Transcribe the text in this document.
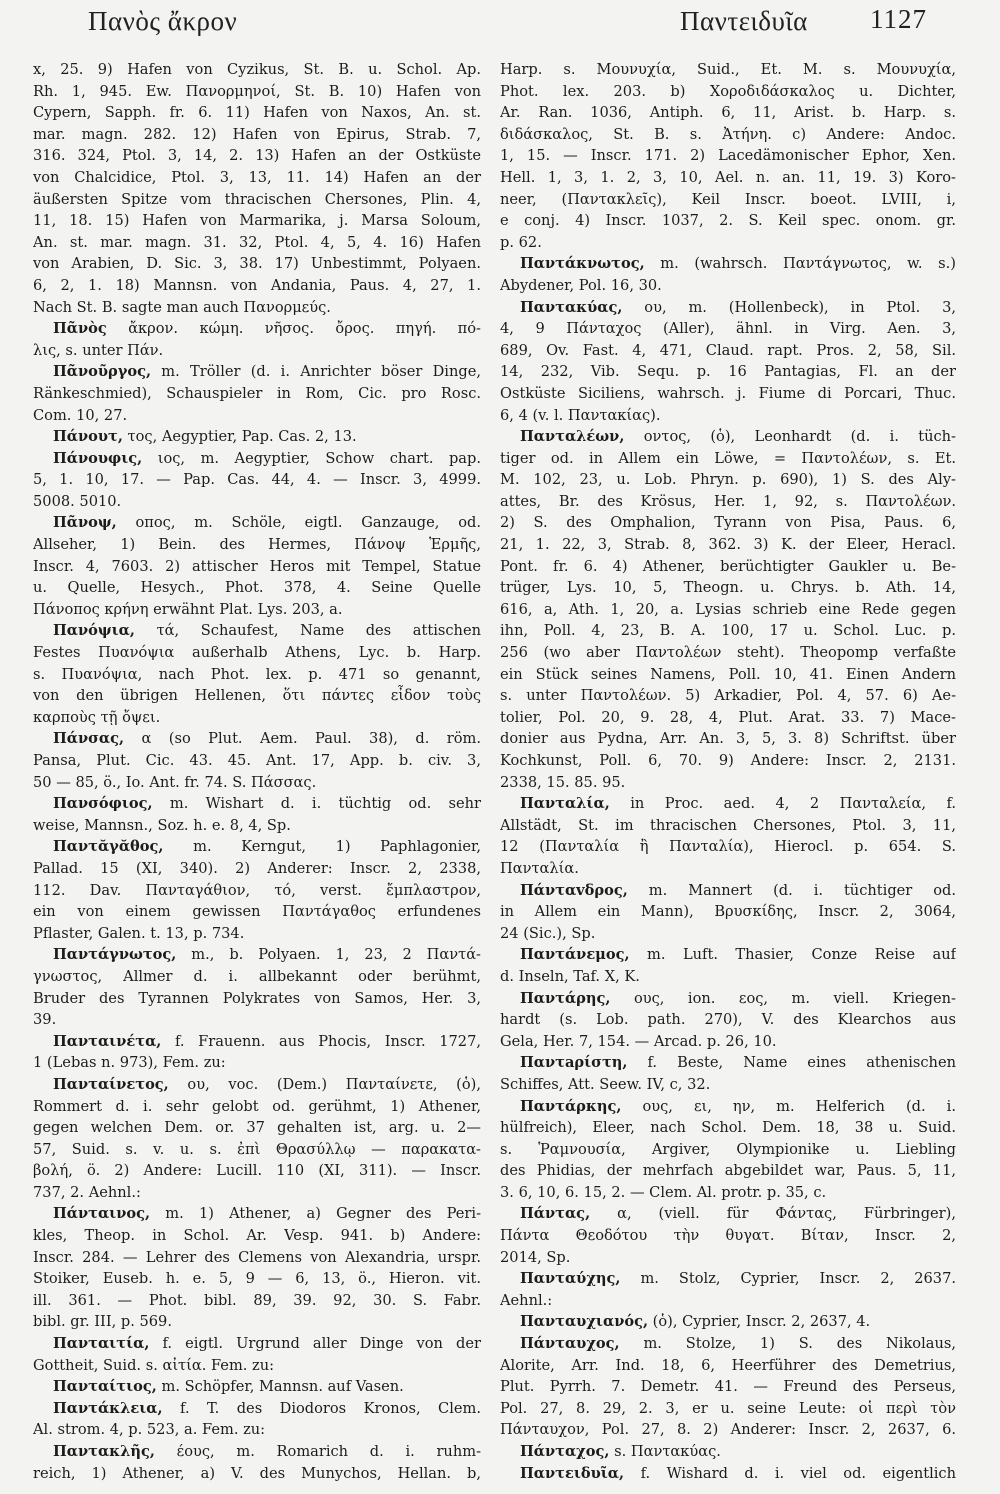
Πανὸς ἄκρον	Παντειδυῖα 1127
x, 25. 9) Hafen von Cyzikus, St. B. u. Schol. Ap.
Rh. 1, 945. Ew. Πανορμηνοί, St. B. 10) Hafen von
Cypern, Sapph. fr. 6. 11) Hafen von Naxos, An. st.
mar. magn. 282. 12) Hafen von Epirus, Strab. 7,
316. 324, Ptol. 3, 14, 2. 13) Hafen an der Ostküste
von Chalcidice, Ptol. 3, 13, 11. 14) Hafen an der
äußersten Spitze vom thracischen Chersones, Plin. 4,
11, 18. 15) Hafen von Marmarika, j. Marsa Soloum,
An. st. mar. magn. 31. 32, Ptol. 4, 5, 4. 16) Hafen
von Arabien, D. Sic. 3, 38. 17) Unbestimmt, Polyaen.
6, 2, 1. 18) Mannsn. von Andania, Paus. 4, 27, 1.
Nach St. B. sagte man auch Πανορμεύς.
Πᾶνὸς ἄκρον. κώμη. νῆσος. ὄρος. πηγή. πό-
λις, s. unter Πάν.
Πᾶνοῦργος, m. Tröller (d. i. Anrichter böser Dinge,
Ränkeschmied), Schauspieler in Rom, Cic. pro Rosc.
Com. 10, 27.
Πάνουτ, τος, Aegyptier, Pap. Cas. 2, 13.
Πάνουφις, ιος, m. Aegyptier, Schow chart. pap.
5, 1. 10, 17. — Pap. Cas. 44, 4. — Inscr. 3, 4999.
5008. 5010.
Πᾶνοψ, οπος, m. Schöle, eigtl. Ganzauge, od.
Allseher, 1) Bein. des Hermes, Πάνοψ Ἑρμῆς,
Inscr. 4, 7603. 2) attischer Heros mit Tempel, Statue
u. Quelle, Hesych., Phot. 378, 4. Seine Quelle
Πάνοπος κρήνη erwähnt Plat. Lys. 203, a.
Πανόψια, τά, Schaufest, Name des attischen
Festes Πυανόψια außerhalb Athens, Lyc. b. Harp.
s. Πυανόψια, nach Phot. lex. p. 471 so genannt,
von den übrigen Hellenen, ὅτι πάντες εἶδον τοὺς
καρποὺς τῇ ὄψει.
Πάνσας, α (so Plut. Aem. Paul. 38), d. röm.
Pansa, Plut. Cic. 43. 45. Ant. 17, App. b. civ. 3,
50 — 85, ö., Io. Ant. fr. 74. S. Πάσσας.
Πανσόφιος, m. Wishart d. i. tüchtig od. sehr
weise, Mannsn., Soz. h. e. 8, 4, Sp.
Παντᾰγᾰθος, m. Kerngut, 1) Paphlagonier,
Pallad. 15 (XI, 340). 2) Anderer: Inscr. 2, 2338,
112. Dav. Πανταγάθιον, τό, verst. ἔμπλαστρον,
ein von einem gewissen Παντάγαθος erfundenes
Pflaster, Galen. t. 13, p. 734.
Παντάγνωτος, m., b. Polyaen. 1, 23, 2 Παντά-
γνωστος, Allmer d. i. allbekannt oder berühmt,
Bruder des Tyrannen Polykrates von Samos, Her. 3,
39.
Πανταινέτα, f. Frauenn. aus Phocis, Inscr. 1727,
1 (Lebas n. 973), Fem. zu:
Πανταίνετος, ου, voc. (Dem.) Πανταίνετε, (ὁ),
Rommert d. i. sehr gelobt od. gerühmt, 1) Athener,
gegen welchen Dem. or. 37 gehalten ist, arg. u. 2—
57, Suid. s. v. u. s. ἐπὶ Θρασύλλῳ — παρακατα-
βολή, ö. 2) Andere: Lucill. 110 (XI, 311). — Inscr.
737, 2. Aehnl.:
Πάνταινος, m. 1) Athener, a) Gegner des Peri-
kles, Theop. in Schol. Ar. Vesp. 941. b) Andere:
Inscr. 284. — Lehrer des Clemens von Alexandria, urspr.
Stoiker, Euseb. h. e. 5, 9 — 6, 13, ö., Hieron. vit.
ill. 361. — Phot. bibl. 89, 39. 92, 30. S. Fabr.
bibl. gr. III, p. 569.
Πανταιτία, f. eigtl. Urgrund aller Dinge von der
Gottheit, Suid. s. αἰτία. Fem. zu:
Πανταίτιος, m. Schöpfer, Mannsn. auf Vasen.
Παντάκλεια, f. T. des Diodoros Kronos, Clem.
Al. strom. 4, p. 523, a. Fem. zu:
Παντακλῆς, έους, m. Romarich d. i. ruhm-
reich, 1) Athener, a) V. des Munychos, Hellan. b,
Harp. s. Μουνυχία, Suid., Et. M. s. Μουνυχία,
Phot. lex. 203. b) Χοροδιδάσκαλος u. Dichter,
Ar. Ran. 1036, Antiph. 6, 11, Arist. b. Harp. s.
διδάσκαλος, St. B. s. Ἀτήνη. c) Andere: Andoc.
1, 15. — Inscr. 171. 2) Lacedämonischer Ephor, Xen.
Hell. 1, 3, 1. 2, 3, 10, Ael. n. an. 11, 19. 3) Koro-
neer, (Παντακλεῖς), Keil Inscr. boeot. LVIII, i,
e conj. 4) Inscr. 1037, 2. S. Keil spec. onom. gr.
p. 62.
Παντάκνωτος, m. (wahrsch. Παντάγνωτος, w. s.)
Abydener, Pol. 16, 30.
Παντακύας, ου, m. (Hollenbeck), in Ptol. 3,
4, 9 Πάνταχος (Aller), ähnl. in Virg. Aen. 3,
689, Ov. Fast. 4, 471, Claud. rapt. Pros. 2, 58, Sil.
14, 232, Vib. Sequ. p. 16 Pantagias, Fl. an der
Ostküste Siciliens, wahrsch. j. Fiume di Porcari, Thuc.
6, 4 (v. l. Παντακίας).
Πανταλέων, οντος, (ὁ), Leonhardt (d. i. tüch-
tiger od. in Allem ein Löwe, = Παντολέων, s. Et.
M. 102, 23, u. Lob. Phryn. p. 690), 1) S. des Aly-
attes, Br. des Krösus, Her. 1, 92, s. Παντολέων.
2) S. des Omphalion, Tyrann von Pisa, Paus. 6,
21, 1. 22, 3, Strab. 8, 362. 3) K. der Eleer, Heracl.
Pont. fr. 6. 4) Athener, berüchtigter Gaukler u. Be-
trüger, Lys. 10, 5, Theogn. u. Chrys. b. Ath. 14,
616, a, Ath. 1, 20, a. Lysias schrieb eine Rede gegen
ihn, Poll. 4, 23, B. A. 100, 17 u. Schol. Luc. p.
256 (wo aber Παντολέων steht). Theopomp verfaßte
ein Stück seines Namens, Poll. 10, 41. Einen Andern
s. unter Παντολέων. 5) Arkadier, Pol. 4, 57. 6) Ae-
tolier, Pol. 20, 9. 28, 4, Plut. Arat. 33. 7) Mace-
donier aus Pydna, Arr. An. 3, 5, 3. 8) Schriftst. über
Kochkunst, Poll. 6, 70. 9) Andere: Inscr. 2, 2131.
2338, 15. 85. 95.
Πανταλία, in Proc. aed. 4, 2 Πανταλεία, f.
Allstädt, St. im thracischen Chersones, Ptol. 3, 11,
12 (Πανταλία ἢ Πανταλία), Hierocl. p. 654. S.
Πανταλία.
Πάνταvδρος, m. Mannert (d. i. tüchtiger od.
in Allem ein Mann), Βρυσκίδης, Inscr. 2, 3064,
24 (Sic.), Sp.
Παντάνεμος, m. Luft. Thasier, Conze Reise auf
d. Inseln, Taf. X, K.
Παντάρης, ους, ion. εος, m. viell. Kriegen-
hardt (s. Lob. path. 270), V. des Klearchos aus
Gela, Her. 7, 154. — Arcad. p. 26, 10.
Παντaρίστη, f. Beste, Name eines athenischen
Schiffes, Att. Seew. IV, c, 32.
Παντάρκης, ους, ει, ην, m. Helferich (d. i.
hülfreich), Eleer, nach Schol. Dem. 18, 38 u. Suid.
s. Ῥαμνουσία, Argiver, Olympionike u. Liebling
des Phidias, der mehrfach abgebildet war, Paus. 5, 11,
3. 6, 10, 6. 15, 2. — Clem. Al. protr. p. 35, c.
Πάντας, α, (viell. für Φάντας, Fürbringer),
Πάντα Θεοδότου τὴν θυγατ. Βίταν, Inscr. 2,
2014, Sp.
Πανταύχης, m. Stolz, Cyprier, Inscr. 2, 2637.
Aehnl.:
Πανταυχιανός, (ὁ), Cyprier, Inscr. 2, 2637, 4.
Πάνταυχος, m. Stolze, 1) S. des Nikolaus,
Alorite, Arr. Ind. 18, 6, Heerführer des Demetrius,
Plut. Pyrrh. 7. Demetr. 41. — Freund des Perseus,
Pol. 27, 8. 29, 2. 3, er u. seine Leute: οἱ περὶ τὸν
Πάνταυχον, Pol. 27, 8. 2) Anderer: Inscr. 2, 2637, 6.
Πάνταχος, s. Παντακύας.
Παντειδυῖα, f. Wishard d. i. viel od. eigentlich
